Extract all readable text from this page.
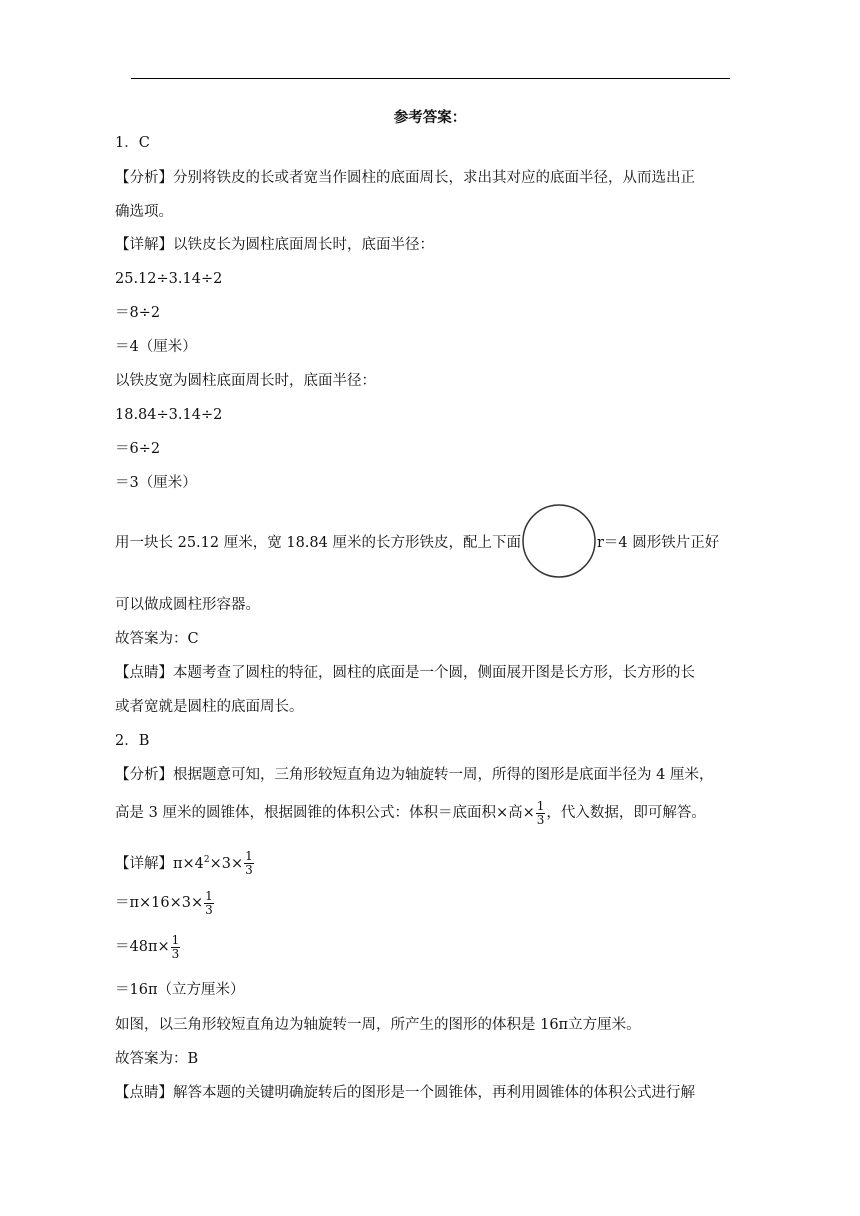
参考答案：
1．C
【分析】分别将铁皮的长或者宽当作圆柱的底面周长，求出其对应的底面半径，从而选出正
确选项。
【详解】以铁皮长为圆柱底面周长时，底面半径：
25.12÷3.14÷2
＝8÷2
＝4（厘米）
以铁皮宽为圆柱底面周长时，底面半径：
18.84÷3.14÷2
＝6÷2
＝3（厘米）
用一块长 25.12 厘米，宽 18.84 厘米的长方形铁皮，配上下面	r＝4 圆形铁片正好
可以做成圆柱形容器。
故答案为：C
【点睛】本题考查了圆柱的特征，圆柱的底面是一个圆，侧面展开图是长方形，长方形的长
或者宽就是圆柱的底面周长。
2．B
【分析】根据题意可知，三角形较短直角边为轴旋转一周，所得的图形是底面半径为 4 厘米，
高是 3 厘米的圆锥体，根据圆锥的体积公式：体积＝底面积×高× $\frac{1}{3}$ ，代入数据，即可解答。
【详解】$\pi\times 4^2\times 3\times \frac{1}{3}$
$=\pi\times 16\times 3\times \frac{1}{3}$
$=48\pi\times \frac{1}{3}$
＝16π（立方厘米）
如图，以三角形较短直角边为轴旋转一周，所产生的图形的体积是 16π立方厘米。
故答案为：B
【点睛】解答本题的关键明确旋转后的图形是一个圆锥体，再利用圆锥体的体积公式进行解
